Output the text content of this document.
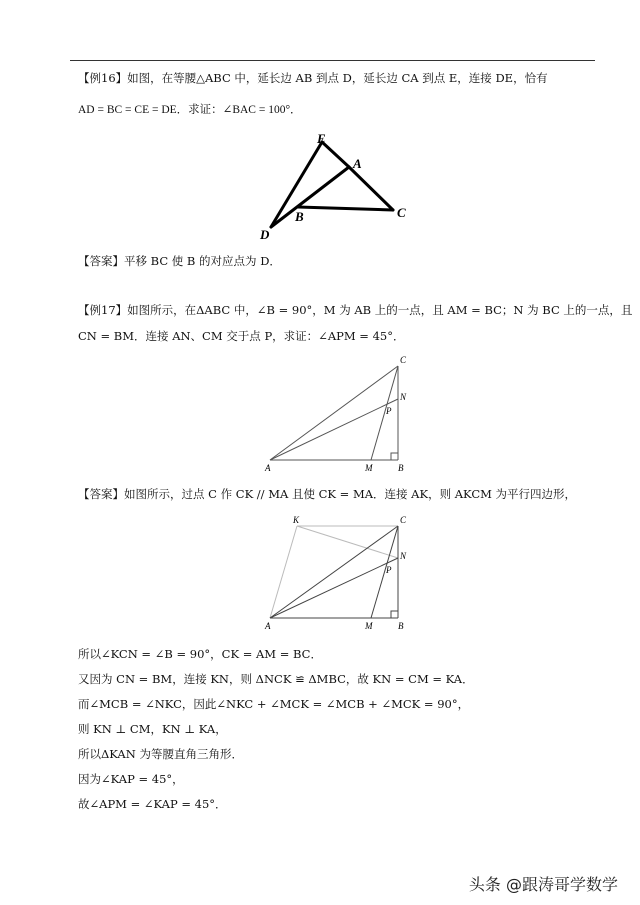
【例16】如图，在等腰△ABC 中，延长边 AB 到点 D，延长边 CA 到点 E，连接 DE，恰有
AD = BC = CE = DE．求证：∠BAC = 100°．
E
A
B	C
D
【答案】平移 BC 使 B 的对应点为 D．
【例17】如图所示，在ΔABC 中，∠B = 90°，M 为 AB 上的一点，且 AM = BC；N 为 BC 上的一点，且
CN = BM．连接 AN、CM 交于点 P，求证：∠APM = 45°．
C
N
P
A	M	B
【答案】如图所示，过点 C 作 CK // MA 且使 CK = MA．连接 AK，则 AKCM 为平行四边形，
K	C
N
P
A	M	B
所以∠KCN = ∠B = 90°，CK = AM = BC．
又因为 CN = BM，连接 KN，则 ΔNCK ≌ ΔMBC，故 KN = CM = KA．
而∠MCB = ∠NKC，因此∠NKC + ∠MCK = ∠MCB + ∠MCK = 90°，
则 KN ⊥ CM，KN ⊥ KA，
所以ΔKAN 为等腰直角三角形．
因为∠KAP = 45°，
故∠APM = ∠KAP = 45°．
头条 @跟涛哥学数学
